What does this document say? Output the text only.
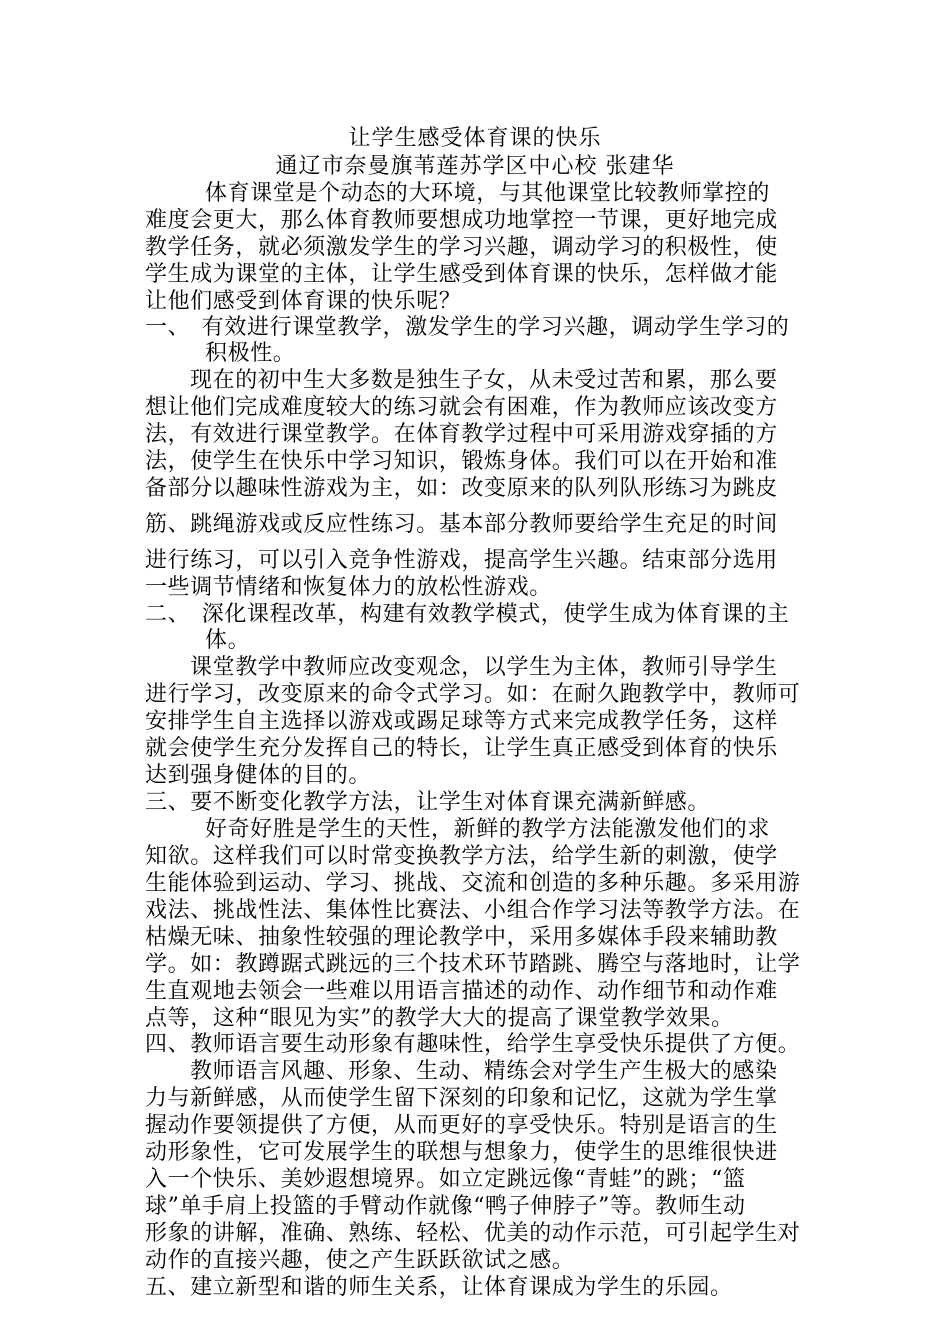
让学生感受体育课的快乐
通辽市奈曼旗苇莲苏学区中心校 张建华
体育课堂是个动态的大环境，与其他课堂比较教师掌控的
难度会更大，那么体育教师要想成功地掌控一节课，更好地完成
教学任务，就必须激发学生的学习兴趣，调动学习的积极性，使
学生成为课堂的主体，让学生感受到体育课的快乐，怎样做才能
让他们感受到体育课的快乐呢？
一、　有效进行课堂教学，激发学生的学习兴趣，调动学生学习的
积极性。
现在的初中生大多数是独生子女，从未受过苦和累，那么要
想让他们完成难度较大的练习就会有困难，作为教师应该改变方
法，有效进行课堂教学。在体育教学过程中可采用游戏穿插的方
法，使学生在快乐中学习知识，锻炼身体。我们可以在开始和准
备部分以趣味性游戏为主，如：改变原来的队列队形练习为跳皮
筋、跳绳游戏或反应性练习。基本部分教师要给学生充足的时间
进行练习，可以引入竞争性游戏，提高学生兴趣。结束部分选用
一些调节情绪和恢复体力的放松性游戏。
二、　深化课程改革，构建有效教学模式，使学生成为体育课的主
体。
课堂教学中教师应改变观念，以学生为主体，教师引导学生
进行学习，改变原来的命令式学习。如：在耐久跑教学中，教师可
安排学生自主选择以游戏或踢足球等方式来完成教学任务，这样
就会使学生充分发挥自己的特长，让学生真正感受到体育的快乐
达到强身健体的目的。
三、要不断变化教学方法，让学生对体育课充满新鲜感。
好奇好胜是学生的天性，新鲜的教学方法能激发他们的求
知欲。这样我们可以时常变换教学方法，给学生新的刺激，使学
生能体验到运动、学习、挑战、交流和创造的多种乐趣。多采用游
戏法、挑战性法、集体性比赛法、小组合作学习法等教学方法。在
枯燥无味、抽象性较强的理论教学中，采用多媒体手段来辅助教
学。如：教蹲踞式跳远的三个技术环节踏跳、腾空与落地时，让学
生直观地去领会一些难以用语言描述的动作、动作细节和动作难
点等，这种“眼见为实”的教学大大的提高了课堂教学效果。
四、教师语言要生动形象有趣味性，给学生享受快乐提供了方便。
教师语言风趣、形象、生动、精练会对学生产生极大的感染
力与新鲜感，从而使学生留下深刻的印象和记忆，这就为学生掌
握动作要领提供了方便，从而更好的享受快乐。特别是语言的生
动形象性，它可发展学生的联想与想象力，使学生的思维很快进
入一个快乐、美妙遐想境界。如立定跳远像“青蛙”的跳；“篮
球”单手肩上投篮的手臂动作就像“鸭子伸脖子”等。教师生动
形象的讲解，准确、熟练、轻松、优美的动作示范，可引起学生对
动作的直接兴趣，使之产生跃跃欲试之感。
五、建立新型和谐的师生关系，让体育课成为学生的乐园。
